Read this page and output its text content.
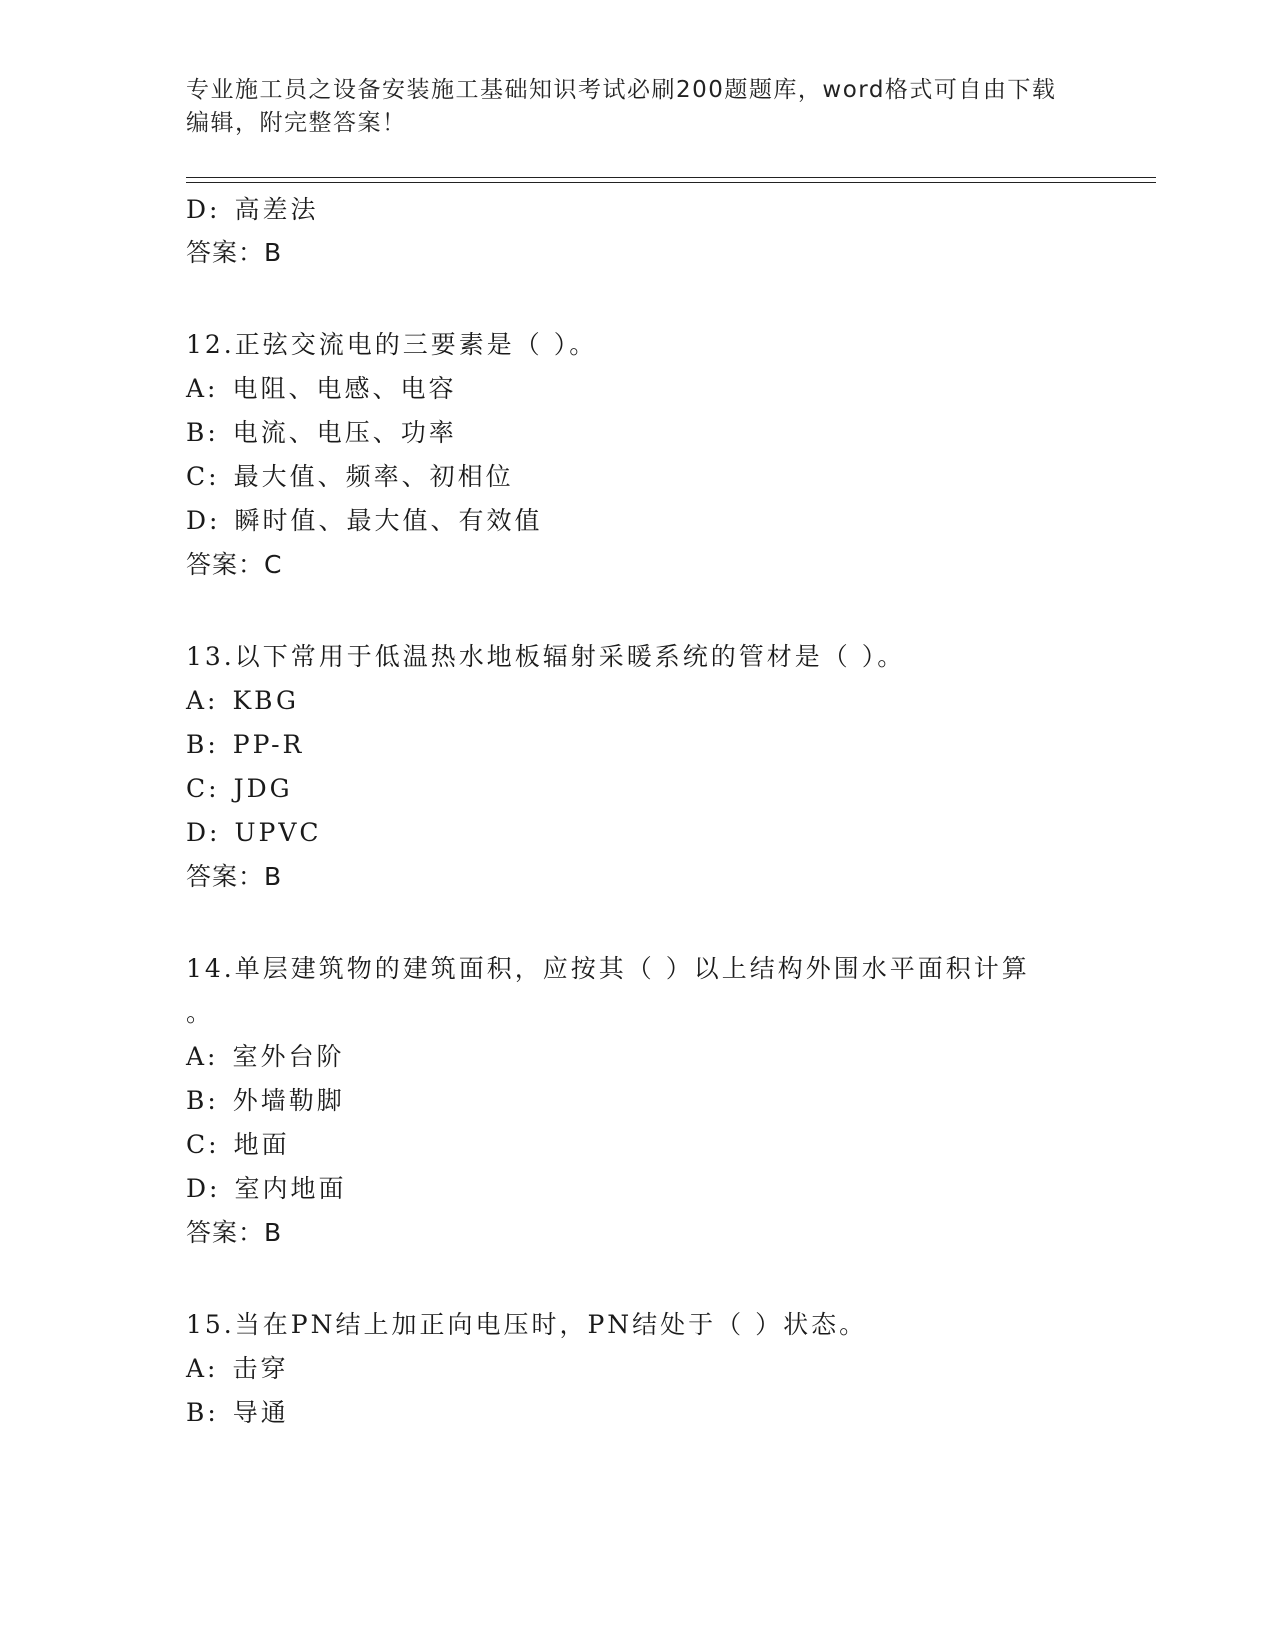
专业施工员之设备安装施工基础知识考试必刷200题题库，word格式可自由下载编辑，附完整答案！
D: 高差法
答案：B
12.正弦交流电的三要素是（ ）。
A: 电阻、电感、电容
B: 电流、电压、功率
C: 最大值、频率、初相位
D: 瞬时值、最大值、有效值
答案：C
13.以下常用于低温热水地板辐射采暖系统的管材是（ ）。
A: KBG
B: PP-R
C: JDG
D: UPVC
答案：B
14.单层建筑物的建筑面积，应按其（ ）以上结构外围水平面积计算
。
A: 室外台阶
B: 外墙勒脚
C: 地面
D: 室内地面
答案：B
15.当在PN结上加正向电压时，PN结处于（ ）状态。
A: 击穿
B: 导通
